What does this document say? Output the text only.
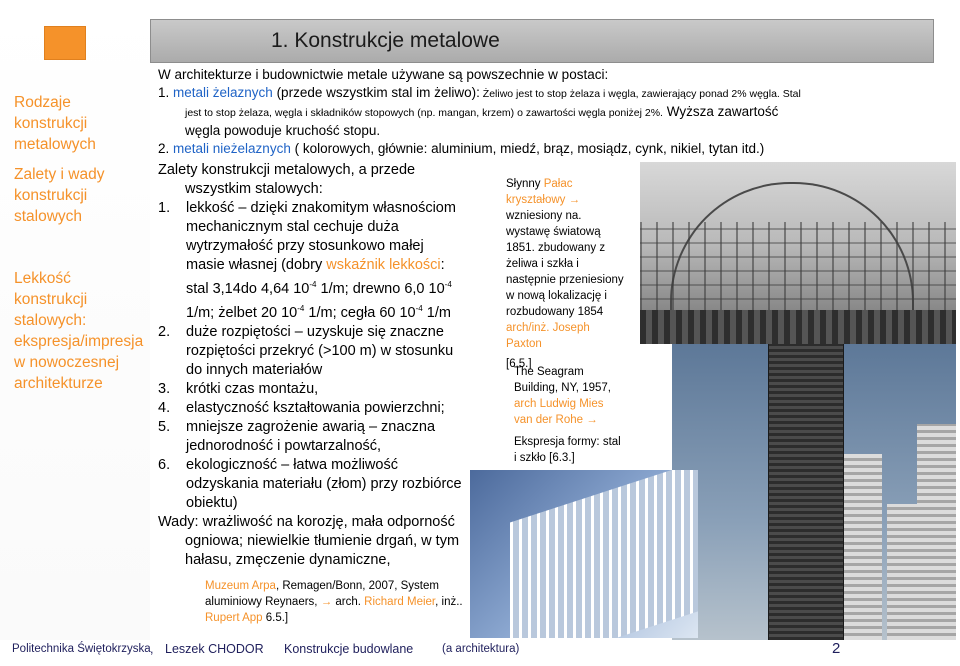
Rodzaje konstrukcji metalowych
Zalety i wady konstrukcji stalowych
Lekkość konstrukcji stalowych: ekspresja/impresja w nowoczesnej architekturze
1. Konstrukcje metalowe
W architekturze i budownictwie metale używane są powszechnie w postaci:
1. metali żelaznych (przede wszystkim stal im żeliwo): Żeliwo jest to stop żelaza i węgla, zawierający ponad 2% węgla. Stal
jest to stop żelaza, węgla i składników stopowych (np. mangan, krzem) o zawartości węgla poniżej 2%. Wyższa zawartość
węgla powoduje kruchość stopu.
2. metali nieżelaznych ( kolorowych, głównie: aluminium, miedź, brąz, mosiądz, cynk, nikiel, tytan itd.)
Zalety konstrukcji metalowych, a przede
wszystkim stalowych:
1.	lekkość – dzięki znakomitym własnościom
mechanicznym stal cechuje duża
wytrzymałość przy stosunkowo małej
masie własnej (dobry wskaźnik lekkości:
stal 3,14do 4,64 $10^{-4}$ 1/m; drewno 6,0 $10^{-4}$
1/m; żelbet 20 $10^{-4}$ 1/m; cegła 60 $10^{-4}$ 1/m
2.	duże rozpiętości – uzyskuje się znaczne
rozpiętości przekryć (>100 m) w stosunku
do innych materiałów
3.	krótki czas montażu,
4.	elastyczność kształtowania powierzchni;
5.	mniejsze zagrożenie awarią – znaczna
jednorodność i powtarzalność,
6.	ekologiczność – łatwa możliwość
odzyskania materiału (złom) przy rozbiórce
obiektu)
Wady: wrażliwość na korozję, mała odporność
ogniowa; niewielkie tłumienie drgań, w tym
hałasu, zmęczenie dynamiczne,
Słynny Pałac
kryształowy →
wzniesiony na.
wystawę światową
1851. zbudowany z
żeliwa i szkła i
następnie przeniesiony
w nową lokalizację i
rozbudowany 1854
arch/inż. Joseph
Paxton
[6.5.]
The Seagram
Building, NY, 1957,
arch Ludwig Mies
van der Rohe →
Ekspresja formy: stal
i szkło [6.3.]
Muzeum Arpa, Remagen/Bonn, 2007, System
aluminiowy Reynaers, → arch. Richard Meier, inż..
Rupert App 6.5.]
Politechnika Świętokrzyska , Leszek CHODOR Konstrukcje budowlane	(a architektura)	2
